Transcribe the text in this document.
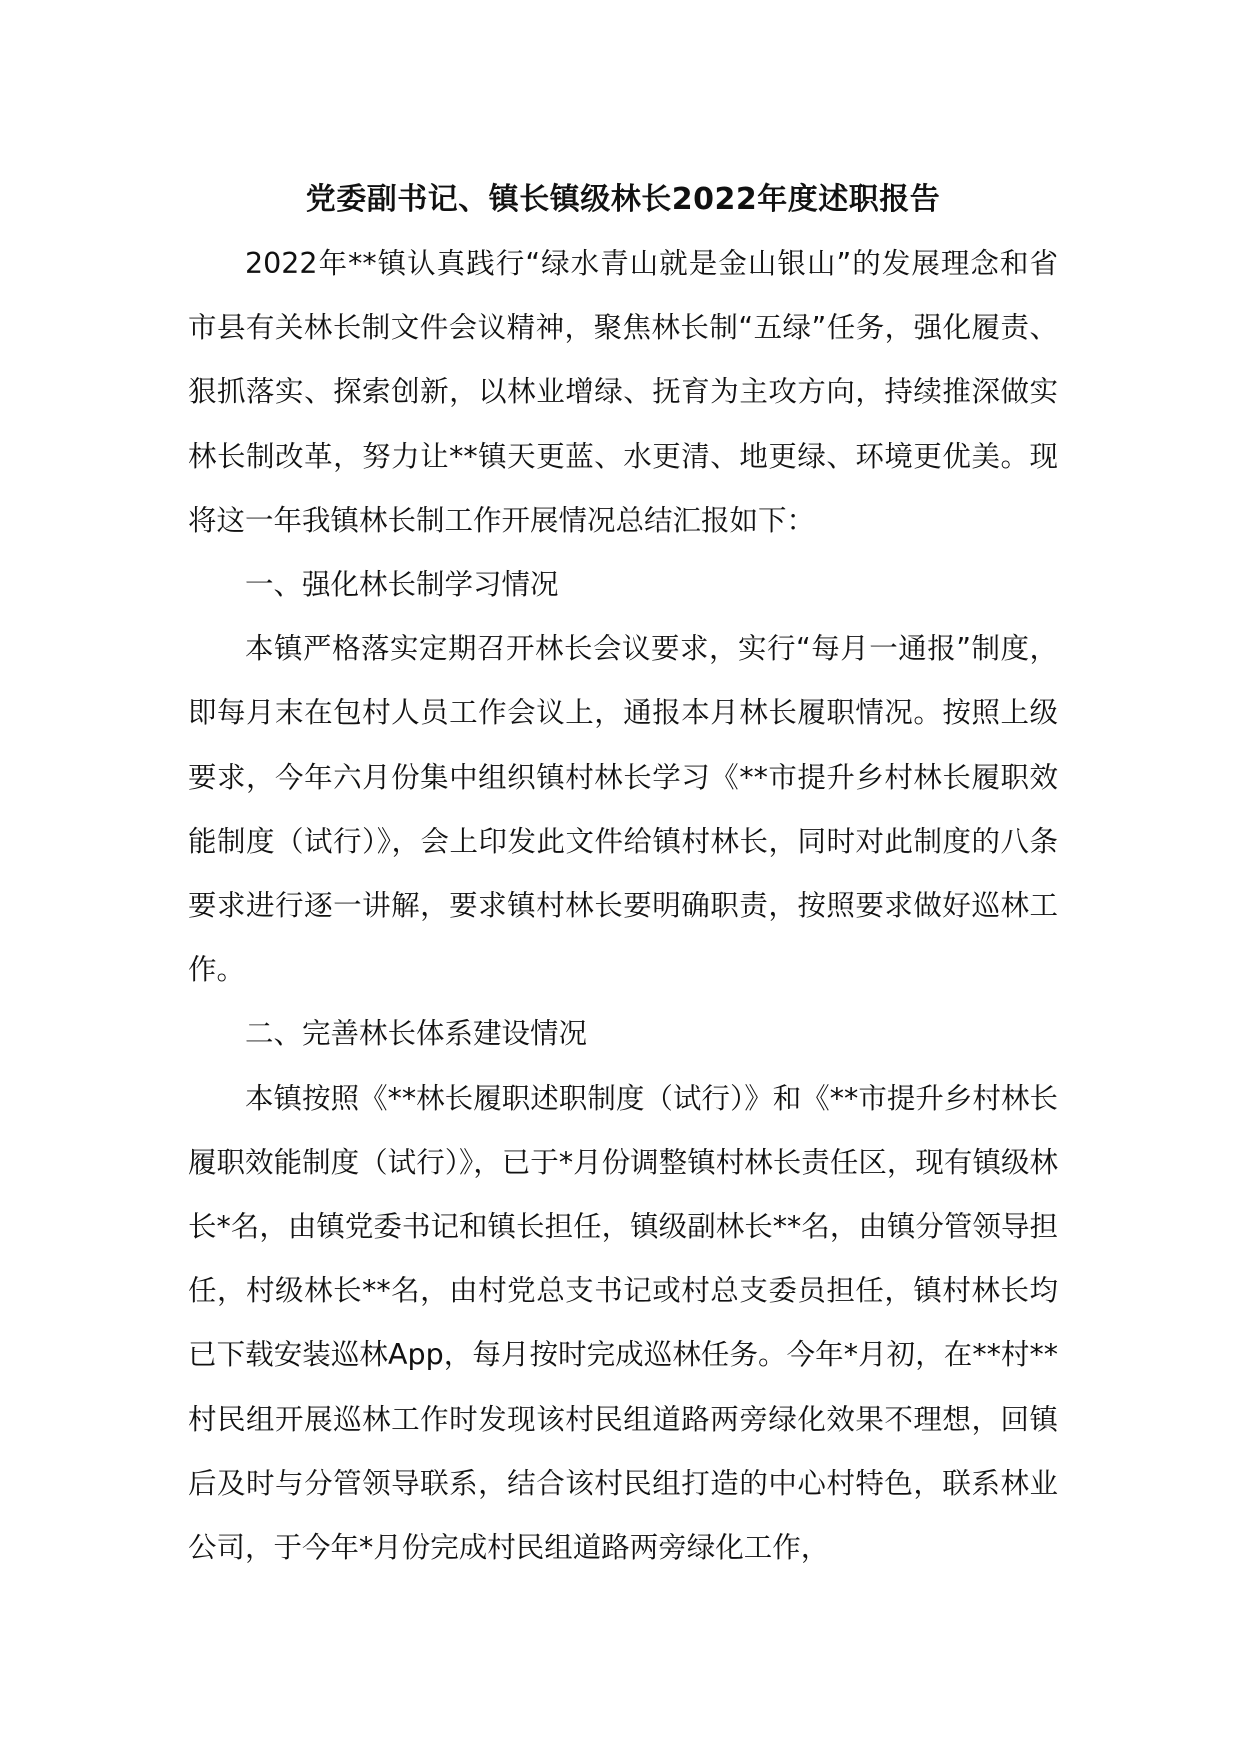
党委副书记、镇长镇级林长2022年度述职报告

2022年**镇认真践行“绿水青山就是金山银山”的发展理念和省市县有关林长制文件会议精神，聚焦林长制“五绿”任务，强化履责、狠抓落实、探索创新，以林业增绿、抚育为主攻方向，持续推深做实林长制改革，努力让**镇天更蓝、水更清、地更绿、环境更优美。现将这一年我镇林长制工作开展情况总结汇报如下：

一、强化林长制学习情况

本镇严格落实定期召开林长会议要求，实行“每月一通报”制度，即每月末在包村人员工作会议上，通报本月林长履职情况。按照上级要求，今年六月份集中组织镇村林长学习《**市提升乡村林长履职效能制度（试行）》，会上印发此文件给镇村林长，同时对此制度的八条要求进行逐一讲解，要求镇村林长要明确职责，按照要求做好巡林工作。

二、完善林长体系建设情况

本镇按照《**林长履职述职制度（试行）》和《**市提升乡村林长履职效能制度（试行）》，已于*月份调整镇村林长责任区，现有镇级林长*名，由镇党委书记和镇长担任，镇级副林长**名，由镇分管领导担任，村级林长**名，由村党总支书记或村总支委员担任，镇村林长均已下载安装巡林App，每月按时完成巡林任务。今年*月初，在**村**村民组开展巡林工作时发现该村民组道路两旁绿化效果不理想，回镇后及时与分管领导联系，结合该村民组打造的中心村特色，联系林业公司，于今年*月份完成村民组道路两旁绿化工作，
